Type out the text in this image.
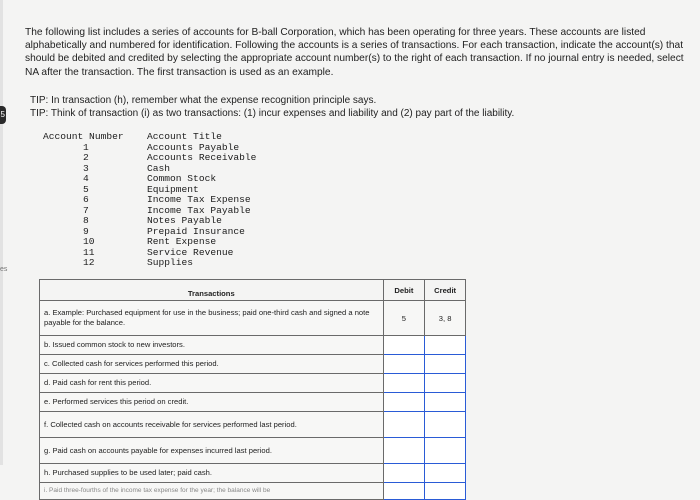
5
es

The following list includes a series of accounts for B-ball Corporation, which has been operating for three years. These accounts are listed alphabetically and numbered for identification. Following the accounts is a series of transactions. For each transaction, indicate the account(s) that should be debited and credited by selecting the appropriate account number(s) to the right of each transaction. If no journal entry is needed, select NA after the transaction. The first transaction is used as an example.

TIP: In transaction (h), remember what the expense recognition principle says.
TIP: Think of transaction (i) as two transactions: (1) incur expenses and liability and (2) pay part of the liability.
Account Number	Account Title
1	Accounts Payable
2	Accounts Receivable
3	Cash
4	Common Stock
5	Equipment
6	Income Tax Expense
7	Income Tax Payable
8	Notes Payable
9	Prepaid Insurance
10	Rent Expense
11	Service Revenue
12	Supplies
Transactions	Debit	Credit
a. Example: Purchased equipment for use in the business; paid one-third cash and signed a note payable for the balance.	5	3, 8
b. Issued common stock to new investors.		
c. Collected cash for services performed this period.		
d. Paid cash for rent this period.		
e. Performed services this period on credit.		
f. Collected cash on accounts receivable for services performed last period.		
g. Paid cash on accounts payable for expenses incurred last period.		
h. Purchased supplies to be used later; paid cash.		

i. Paid three-fourths of the income tax expense for the year; the balance will be		
